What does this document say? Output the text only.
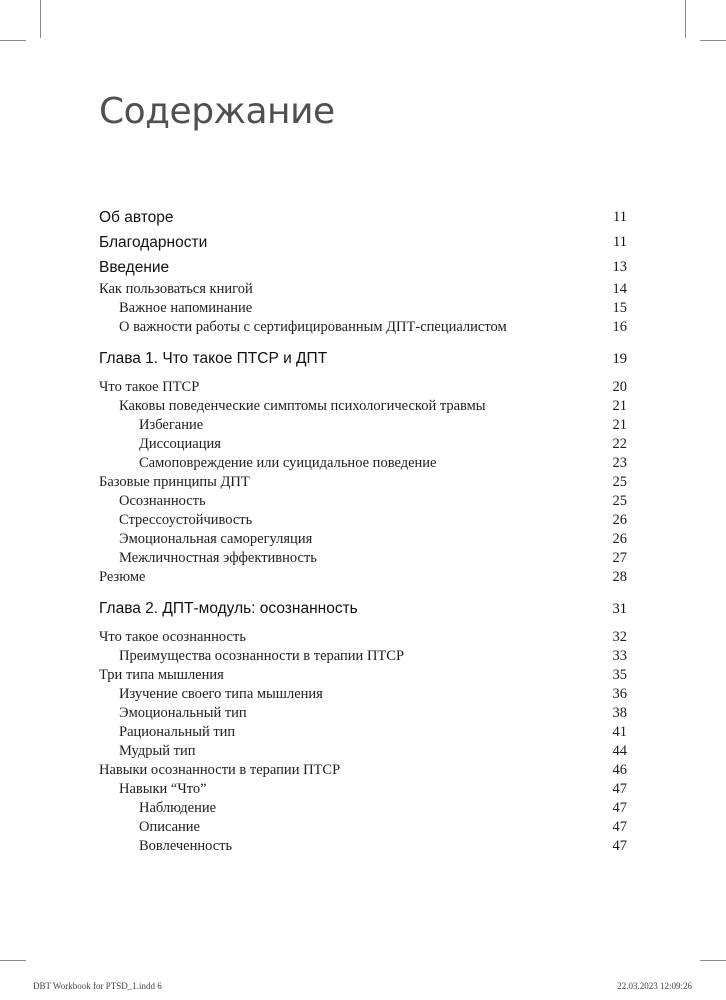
Содержание
Об авторе	11
Благодарности	11
Введение	13
Как пользоваться книгой	14
Важное напоминание	15
О важности работы с сертифицированным ДПТ-специалистом	16
Глава 1. Что такое ПТСР и ДПТ	19
Что такое ПТСР	20
Каковы поведенческие симптомы психологической травмы	21
Избегание	21
Диссоциация	22
Самоповреждение или суицидальное поведение	23
Базовые принципы ДПТ	25
Осознанность	25
Стрессоустойчивость	26
Эмоциональная саморегуляция	26
Межличностная эффективность	27
Резюме	28
Глава 2. ДПТ-модуль: осознанность	31
Что такое осознанность	32
Преимущества осознанности в терапии ПТСР	33
Три типа мышления	35
Изучение своего типа мышления	36
Эмоциональный тип	38
Рациональный тип	41
Мудрый тип	44
Навыки осознанности в терапии ПТСР	46
Навыки “Что”	47
Наблюдение	47
Описание	47
Вовлеченность	47
DBT Workbook for PTSD_1.indd 6	22.03.2023 12:09:26
